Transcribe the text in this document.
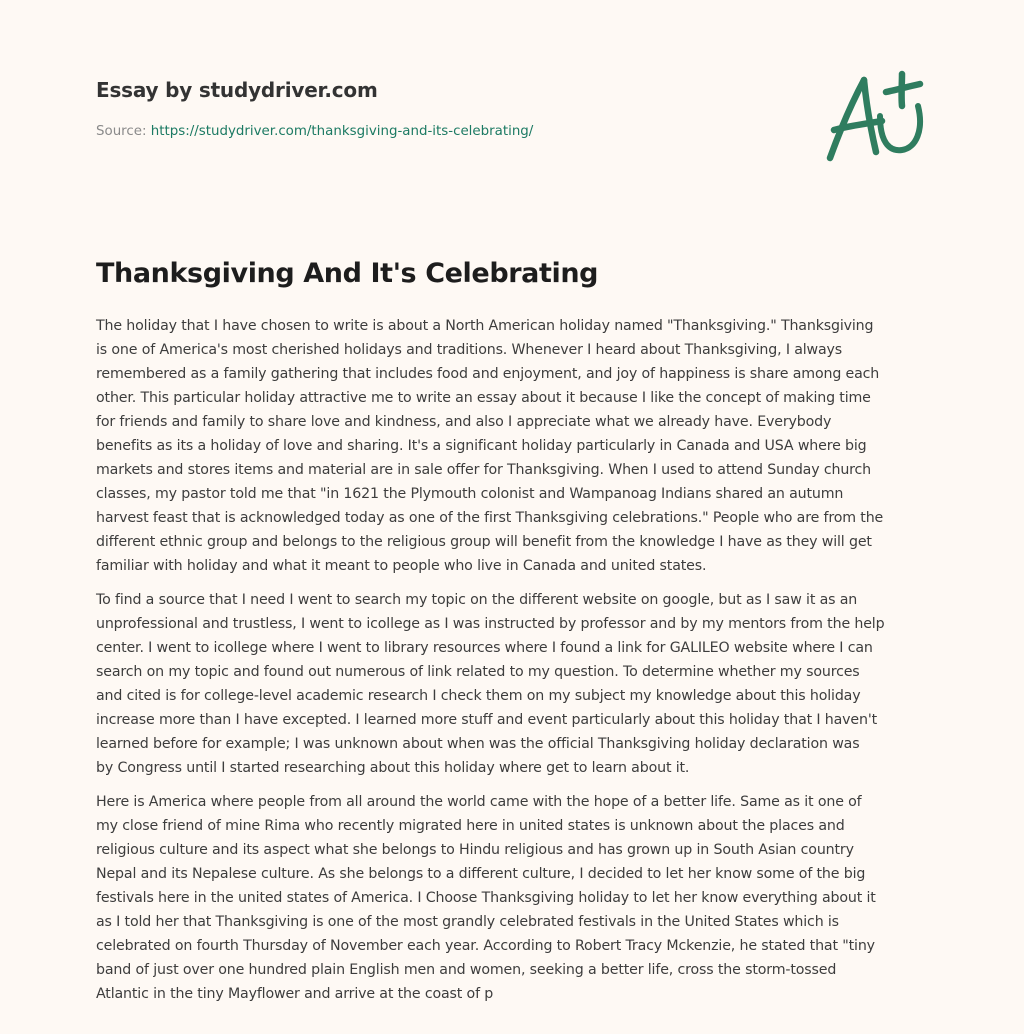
Essay by studydriver.com
Source: https://studydriver.com/thanksgiving-and-its-celebrating/
Thanksgiving And It's Celebrating

The holiday that I have chosen to write is about a North American holiday named "Thanksgiving." Thanksgiving
is one of America's most cherished holidays and traditions. Whenever I heard about Thanksgiving, I always
remembered as a family gathering that includes food and enjoyment, and joy of happiness is share among each
other. This particular holiday attractive me to write an essay about it because I like the concept of making time
for friends and family to share love and kindness, and also I appreciate what we already have. Everybody
benefits as its a holiday of love and sharing. It's a significant holiday particularly in Canada and USA where big
markets and stores items and material are in sale offer for Thanksgiving. When I used to attend Sunday church
classes, my pastor told me that "in 1621 the Plymouth colonist and Wampanoag Indians shared an autumn
harvest feast that is acknowledged today as one of the first Thanksgiving celebrations." People who are from the
different ethnic group and belongs to the religious group will benefit from the knowledge I have as they will get
familiar with holiday and what it meant to people who live in Canada and united states.

To find a source that I need I went to search my topic on the different website on google, but as I saw it as an
unprofessional and trustless, I went to icollege as I was instructed by professor and by my mentors from the help
center. I went to icollege where I went to library resources where I found a link for GALILEO website where I can
search on my topic and found out numerous of link related to my question. To determine whether my sources
and cited is for college-level academic research I check them on my subject my knowledge about this holiday
increase more than I have excepted. I learned more stuff and event particularly about this holiday that I haven't
learned before for example; I was unknown about when was the official Thanksgiving holiday declaration was
by Congress until I started researching about this holiday where get to learn about it.

Here is America where people from all around the world came with the hope of a better life. Same as it one of
my close friend of mine Rima who recently migrated here in united states is unknown about the places and
religious culture and its aspect what she belongs to Hindu religious and has grown up in South Asian country
Nepal and its Nepalese culture. As she belongs to a different culture, I decided to let her know some of the big
festivals here in the united states of America. I Choose Thanksgiving holiday to let her know everything about it
as I told her that Thanksgiving is one of the most grandly celebrated festivals in the United States which is
celebrated on fourth Thursday of November each year. According to Robert Tracy Mckenzie, he stated that "tiny
band of just over one hundred plain English men and women, seeking a better life, cross the storm-tossed
Atlantic in the tiny Mayflower and arrive at the coast of p
